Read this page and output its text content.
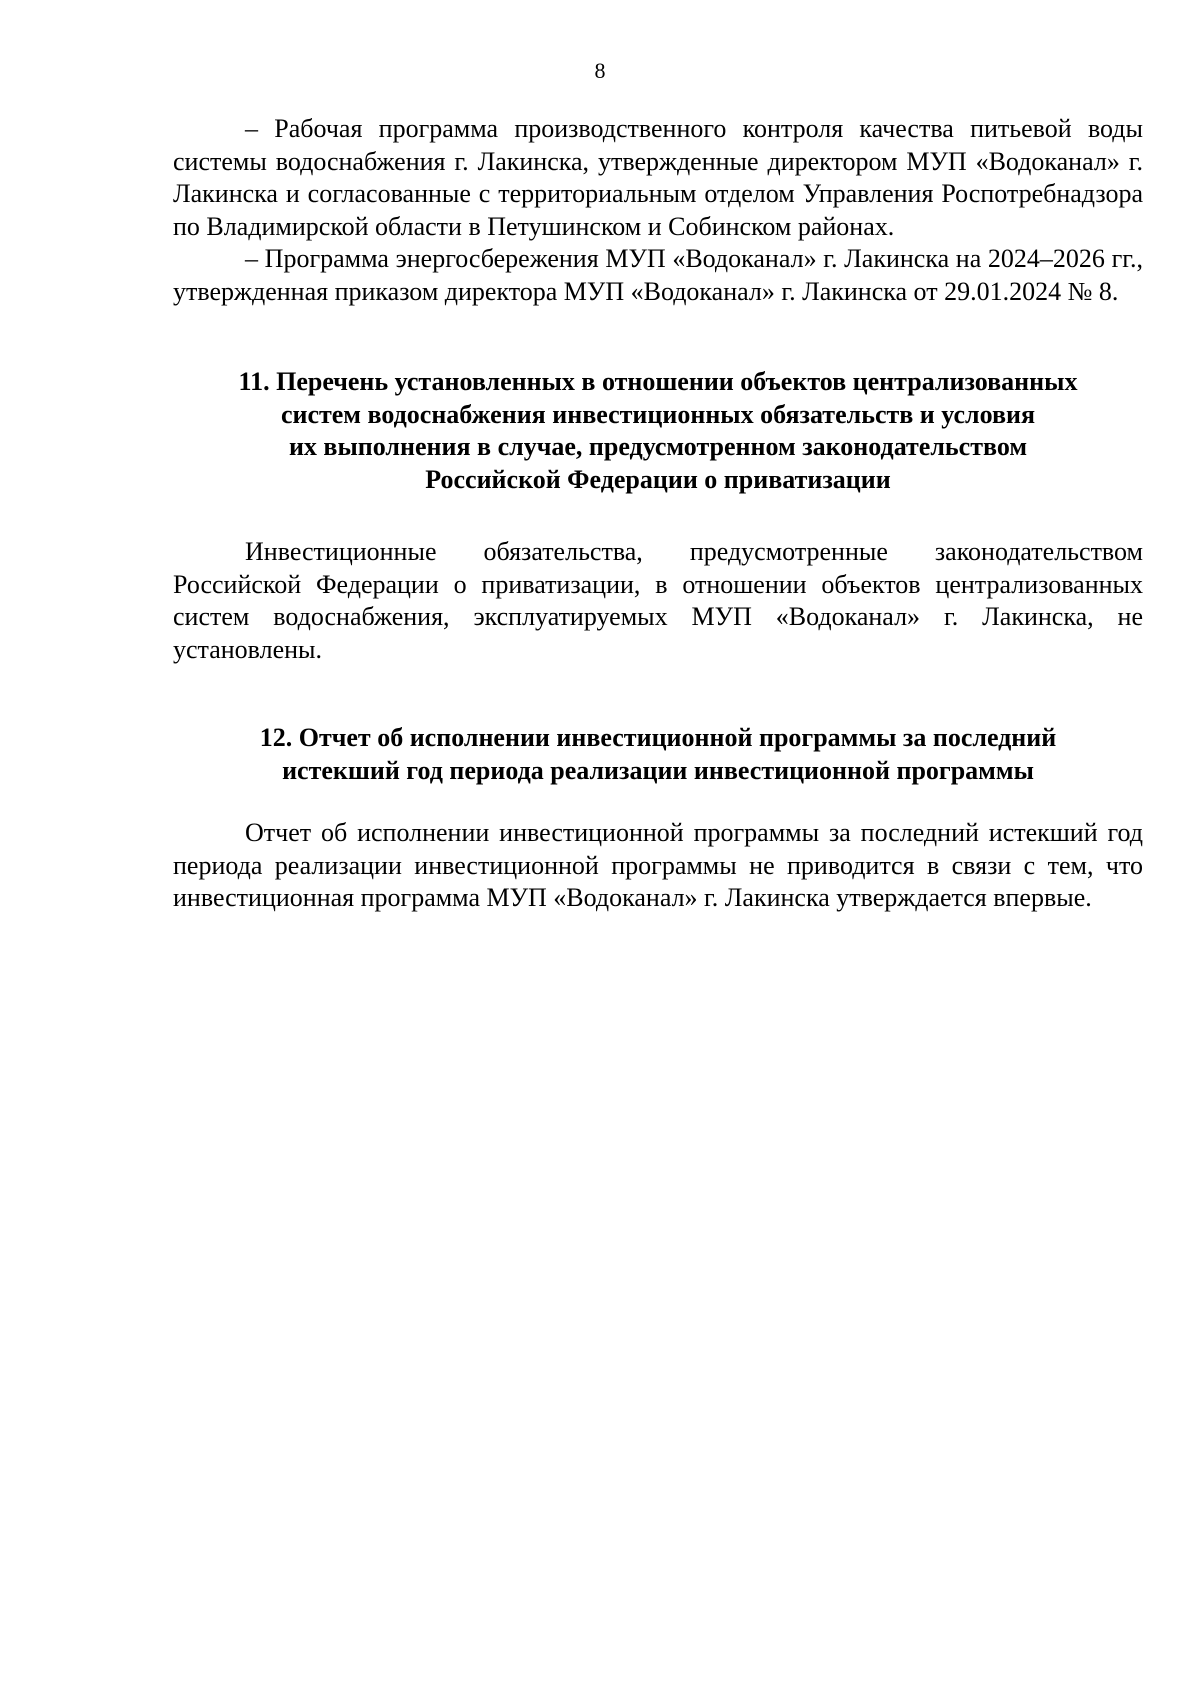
8

– Рабочая программа производственного контроля качества питьевой воды системы водоснабжения г. Лакинска, утвержденные директором МУП «Водоканал» г. Лакинска и согласованные с территориальным отделом Управления Роспотребнадзора по Владимирской области в Петушинском и Собинском районах.

– Программа энергосбережения МУП «Водоканал» г. Лакинска на 2024–2026 гг., утвержденная приказом директора МУП «Водоканал» г. Лакинска от 29.01.2024 № 8.

11. Перечень установленных в отношении объектов централизованных
систем водоснабжения инвестиционных обязательств и условия
их выполнения в случае, предусмотренном законодательством
Российской Федерации о приватизации

Инвестиционные обязательства, предусмотренные законодательством Российской Федерации о приватизации, в отношении объектов централизованных систем водоснабжения, эксплуатируемых МУП «Водоканал» г. Лакинска, не установлены.

12. Отчет об исполнении инвестиционной программы за последний
истекший год периода реализации инвестиционной программы

Отчет об исполнении инвестиционной программы за последний истекший год периода реализации инвестиционной программы не приводится в связи с тем, что инвестиционная программа МУП «Водоканал» г. Лакинска утверждается впервые.
